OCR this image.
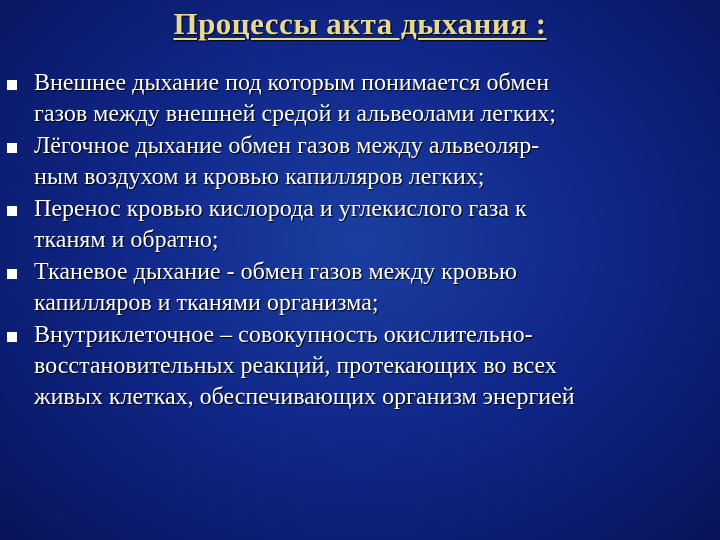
Процессы акта дыхания :
Внешнее дыхание под которым понимается обмен
газов между внешней средой и альвеолами легких;
Лёгочное дыхание обмен газов между альвеоляр-
ным воздухом и кровью капилляров легких;
Перенос кровью кислорода и углекислого газа к
тканям и обратно;
Тканевое дыхание - обмен газов между кровью
капилляров и тканями организма;
Внутриклеточное – совокупность окислительно-
восстановительных реакций, протекающих во всех
живых клетках, обеспечивающих организм энергией
